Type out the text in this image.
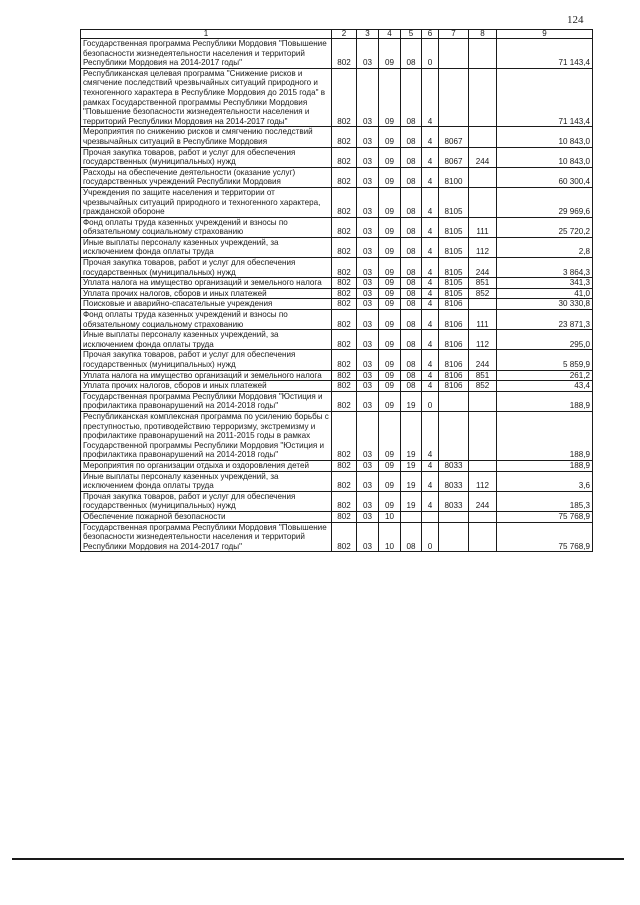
124
1	2	3	4	5	6	7	8	9
Государственная программа Республики Мордовия "Повышение безопасности жизнедеятельности населения и территорий Республики Мордовия на 2014-2017 годы"	802	03	09	08	0			71 143,4
Республиканская целевая программа "Снижение рисков и смягчение последствий чрезвычайных ситуаций природного и техногенного характера в Республике Мордовия до 2015 года" в рамках Государственной программы Республики Мордовия "Повышение безопасности жизнедеятельности населения и территорий Республики Мордовия на 2014-2017 годы"	802	03	09	08	4			71 143,4
Мероприятия по снижению рисков и смягчению последствий чрезвычайных ситуаций в Республике Мордовия	802	03	09	08	4	8067		10 843,0
Прочая закупка товаров, работ и услуг для обеспечения государственных (муниципальных) нужд	802	03	09	08	4	8067	244	10 843,0
Расходы на обеспечение деятельности (оказание услуг) государственных учреждений Республики Мордовия	802	03	09	08	4	8100		60 300,4
Учреждения по защите населения и территории от чрезвычайных ситуаций природного и техногенного характера, гражданской обороне	802	03	09	08	4	8105		29 969,6
Фонд оплаты труда казенных учреждений и взносы по обязательному социальному страхованию	802	03	09	08	4	8105	111	25 720,2
Иные выплаты персоналу казенных учреждений, за исключением фонда оплаты труда	802	03	09	08	4	8105	112	2,8
Прочая закупка товаров, работ и услуг для обеспечения государственных (муниципальных) нужд	802	03	09	08	4	8105	244	3 864,3
Уплата налога на имущество организаций и земельного налога	802	03	09	08	4	8105	851	341,3
Уплата прочих налогов, сборов и иных платежей	802	03	09	08	4	8105	852	41,0
Поисковые и аварийно-спасательные учреждения	802	03	09	08	4	8106		30 330,8
Фонд оплаты труда казенных учреждений и взносы по обязательному социальному страхованию	802	03	09	08	4	8106	111	23 871,3
Иные выплаты персоналу казенных учреждений, за исключением фонда оплаты труда	802	03	09	08	4	8106	112	295,0
Прочая закупка товаров, работ и услуг для обеспечения государственных (муниципальных) нужд	802	03	09	08	4	8106	244	5 859,9
Уплата налога на имущество организаций и земельного налога	802	03	09	08	4	8106	851	261,2
Уплата прочих налогов, сборов и иных платежей	802	03	09	08	4	8106	852	43,4
Государственная программа Республики Мордовия "Юстиция и профилактика правонарушений на 2014-2018 годы"	802	03	09	19	0			188,9
Республиканская комплексная программа по усилению борьбы с преступностью, противодействию терроризму, экстремизму и профилактике правонарушений на 2011-2015 годы в рамках Государственной программы Республики Мордовия "Юстиция и профилактика правонарушений на 2014-2018 годы"	802	03	09	19	4			188,9
Мероприятия по организации отдыха и оздоровления детей	802	03	09	19	4	8033		188,9
Иные выплаты персоналу казенных учреждений, за исключением фонда оплаты труда	802	03	09	19	4	8033	112	3,6
Прочая закупка товаров, работ и услуг для обеспечения государственных (муниципальных) нужд	802	03	09	19	4	8033	244	185,3
Обеспечение пожарной безопасности	802	03	10					75 768,9
Государственная программа Республики Мордовия "Повышение безопасности жизнедеятельности населения и территорий Республики Мордовия на 2014-2017 годы"	802	03	10	08	0			75 768,9
